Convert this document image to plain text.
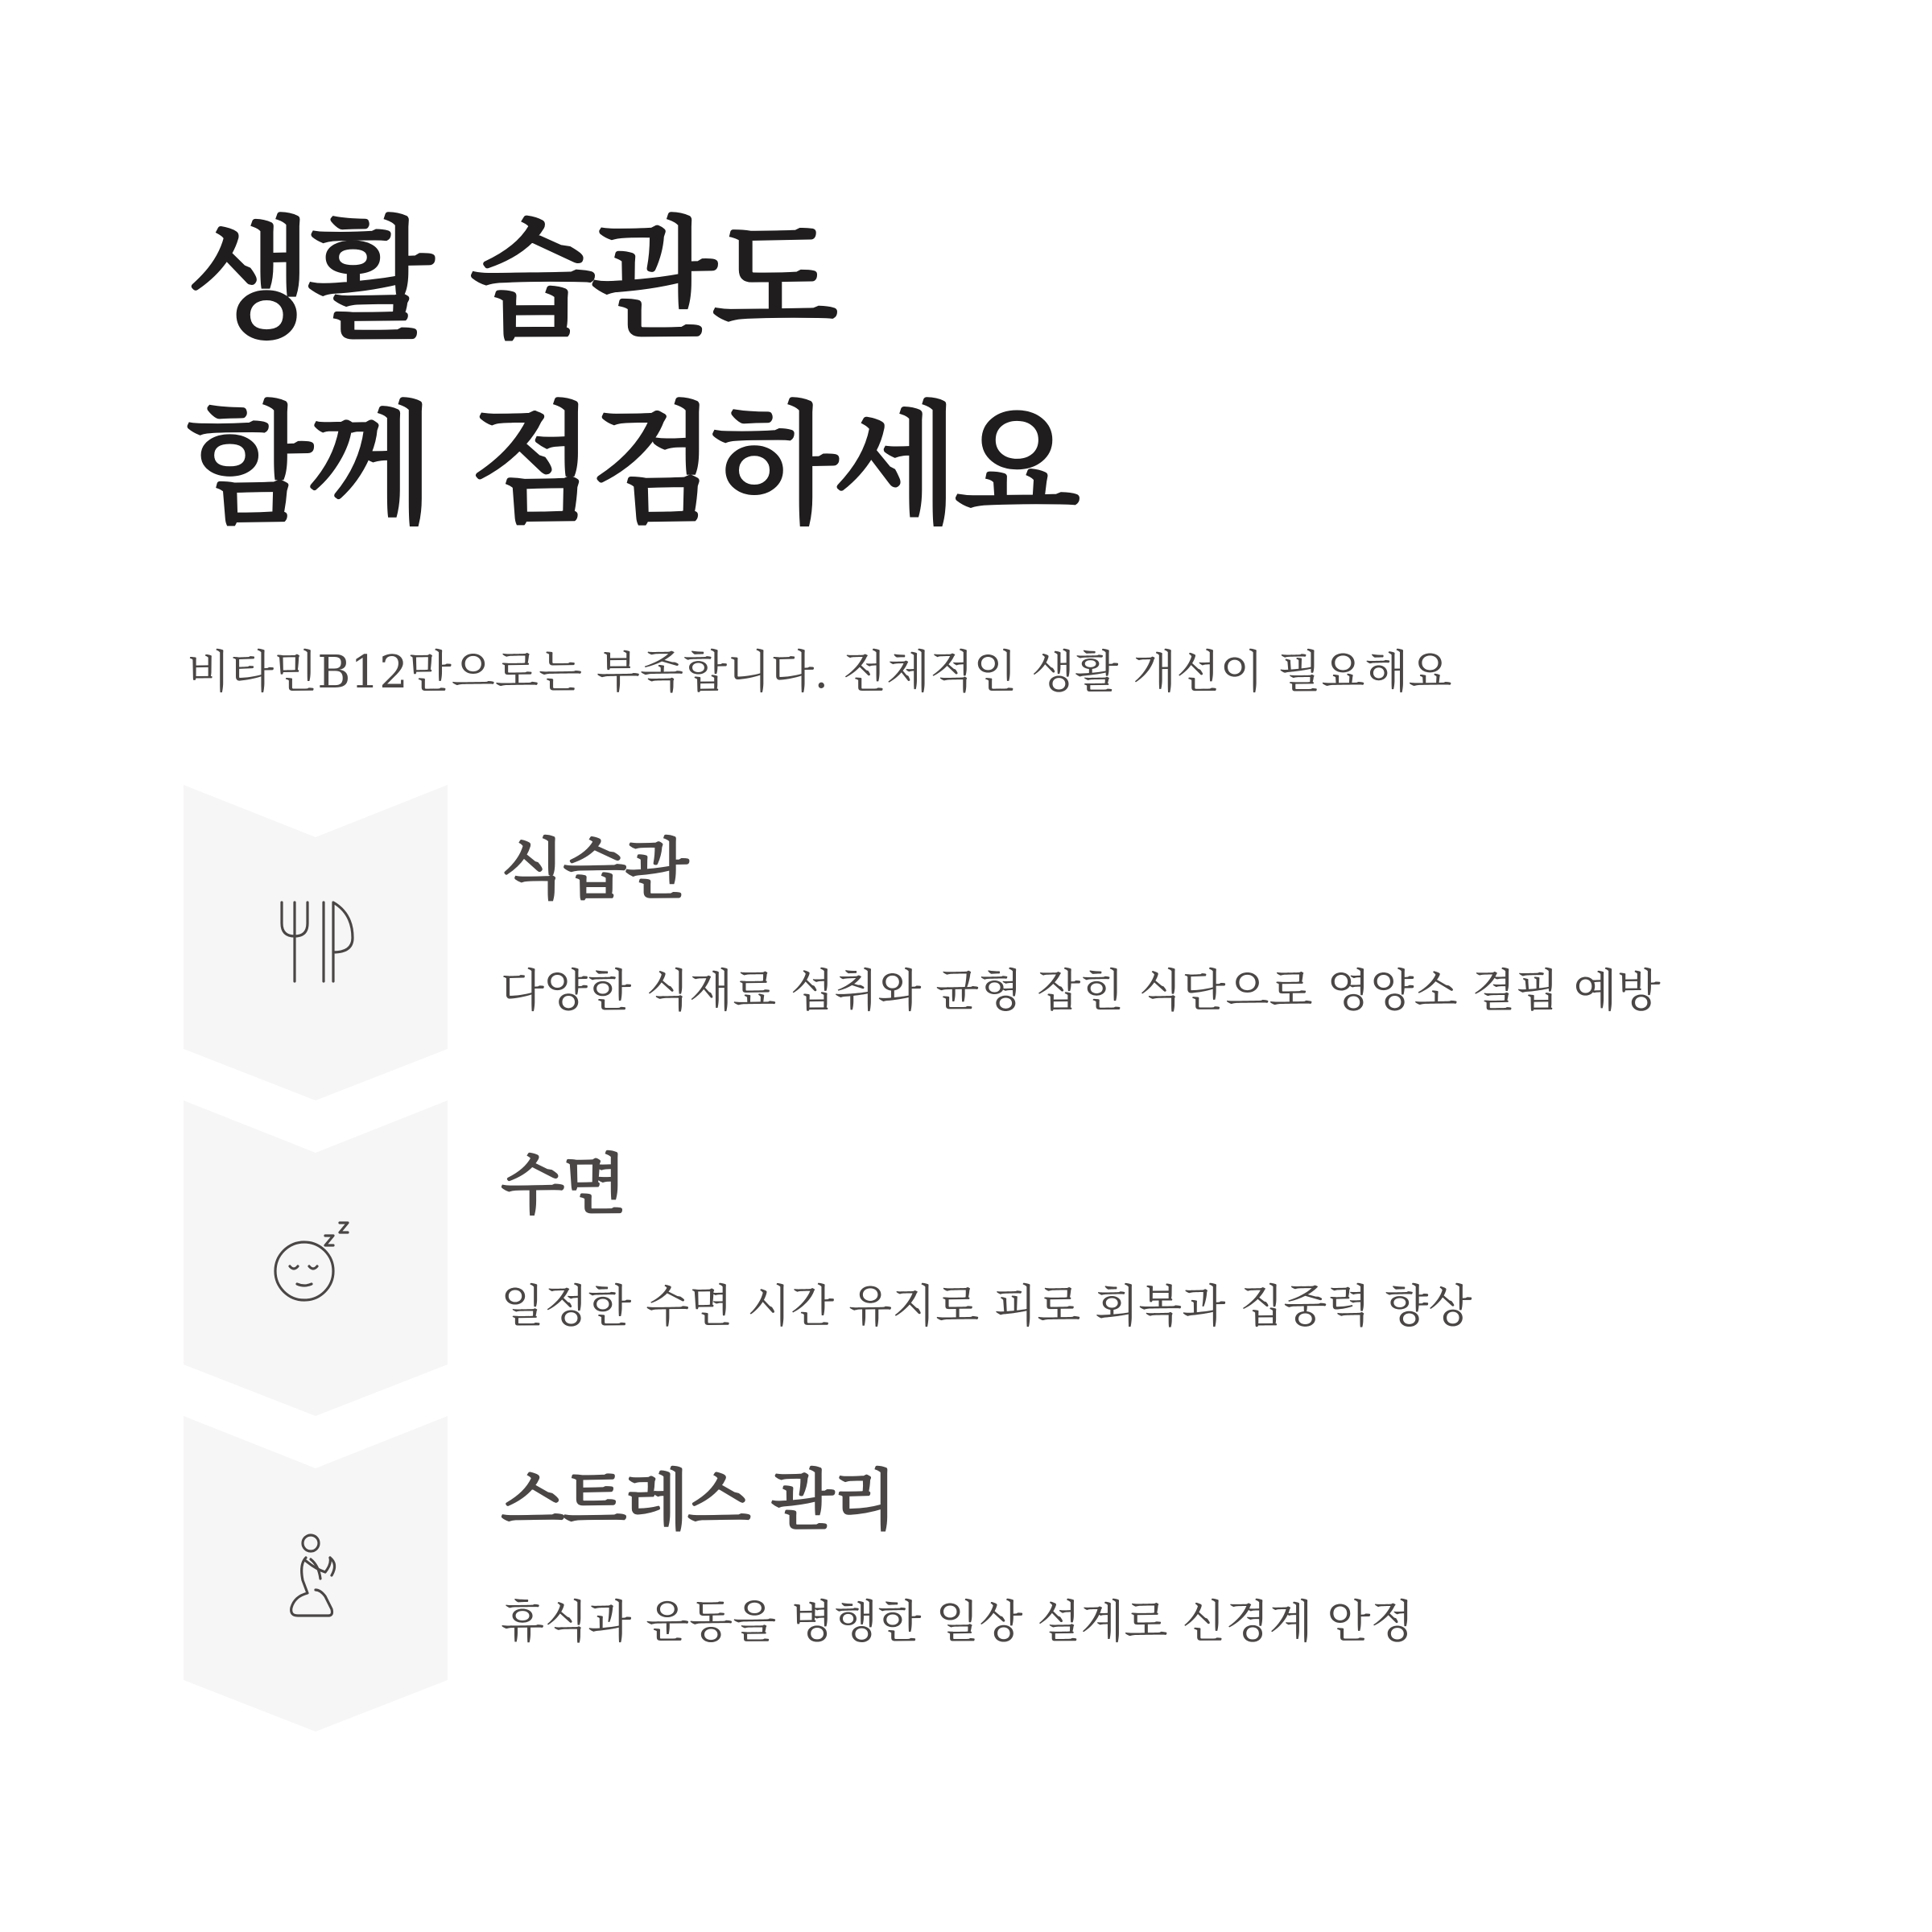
생활 습관도
함께 점검하세요

비타민B12만으로는 부족합니다. 전체적인 생활 개선이 필요해요

식습관

다양한 식재료 섭취와 균형 잡힌 식단으로 영양소 결핍 예방

수면

일정한 수면 시간 유지로 피로 회복과 집중력 향상

스트레스 관리

휴식과 운동을 병행한 일상 설계로 신경계 안정
